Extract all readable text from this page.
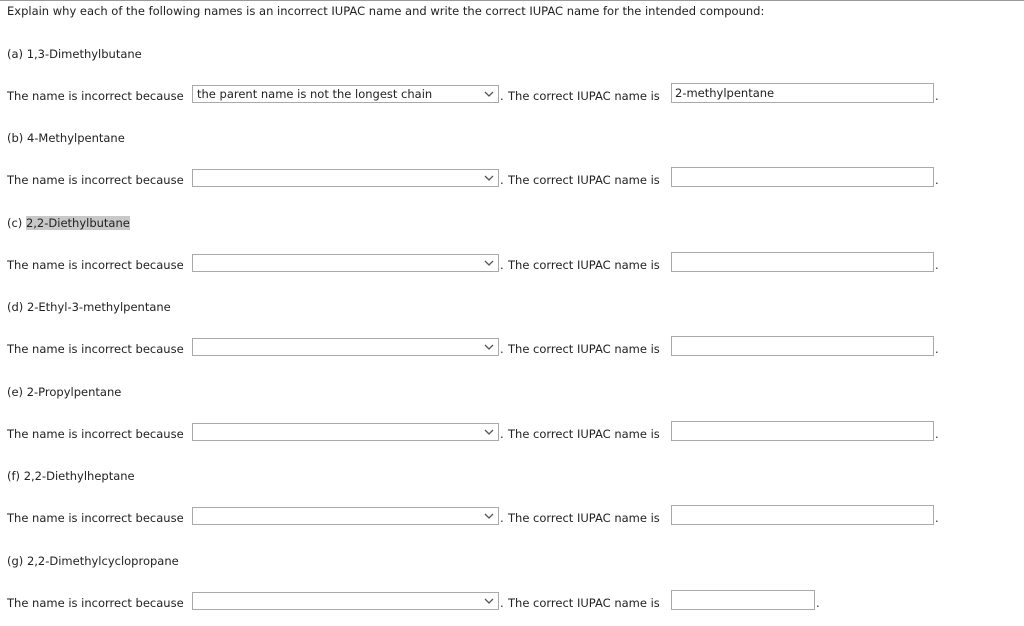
Explain why each of the following names is an incorrect IUPAC name and write the correct IUPAC name for the intended compound:
(a) 1,3-Dimethylbutane
The name is incorrect because the parent name is not the longest chain	. The correct IUPAC name is 2-methylpentane	.
(b) 4-Methylpentane
The name is incorrect because	. The correct IUPAC name is	.
(c) 2,2-Diethylbutane
The name is incorrect because	. The correct IUPAC name is	.
(d) 2-Ethyl-3-methylpentane
The name is incorrect because	. The correct IUPAC name is	.
(e) 2-Propylpentane
The name is incorrect because	. The correct IUPAC name is	.
(f) 2,2-Diethylheptane
The name is incorrect because	. The correct IUPAC name is	.
(g) 2,2-Dimethylcyclopropane
The name is incorrect because	. The correct IUPAC name is	.
